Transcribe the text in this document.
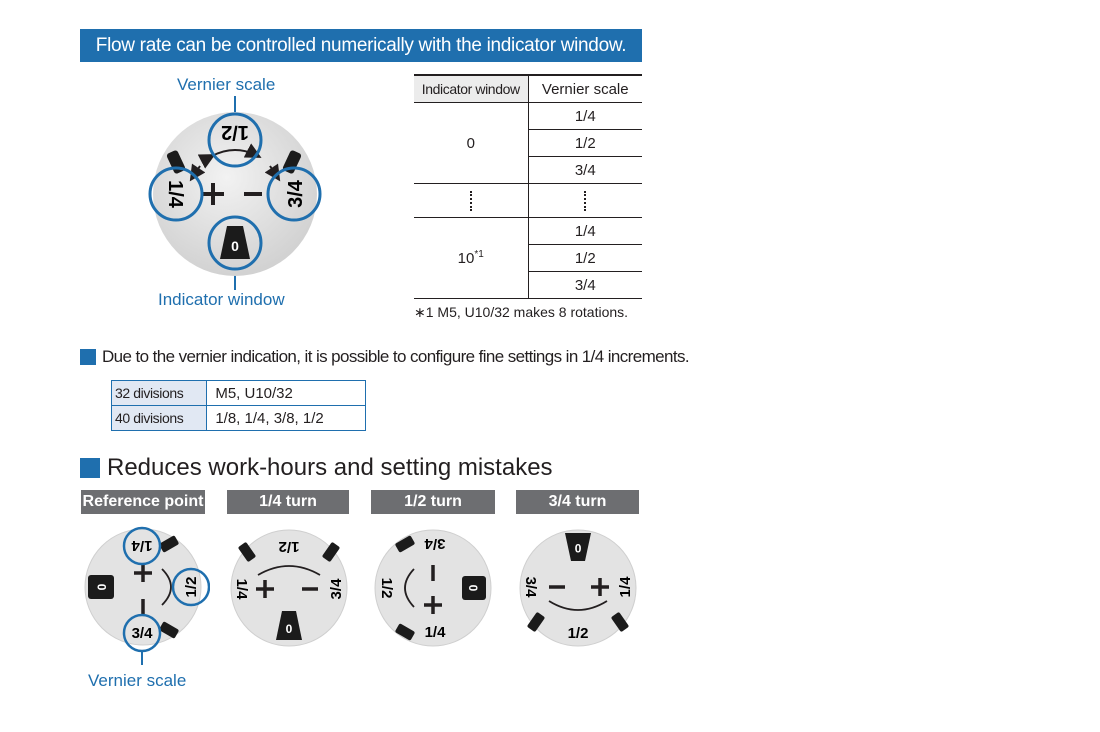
Flow rate can be controlled numerically with the indicator window.
Vernier scale
Indicator window
1/2
1/4	3/4
0
Indicator window	Vernier scale
0	1/4
	1/2
	3/4

10$^{*1}$	1/4
	1/2
	3/4
∗1 M5, U10/32 makes 8 rotations.
Due to the vernier indication, it is possible to configure fine settings in 1/4 increments.
32 divisions	M5, U10/32
40 divisions	1/8, 1/4, 3/8, 1/2
Reduces work-hours and setting mistakes
Reference point	1/4 turn	1/2 turn	3/4 turn
0
1/4
1/2
3/4
Vernier scale
0
1/2
1/4	3/4	0
3/4
1/2
1/4
0
3/4	1/4
1/2
